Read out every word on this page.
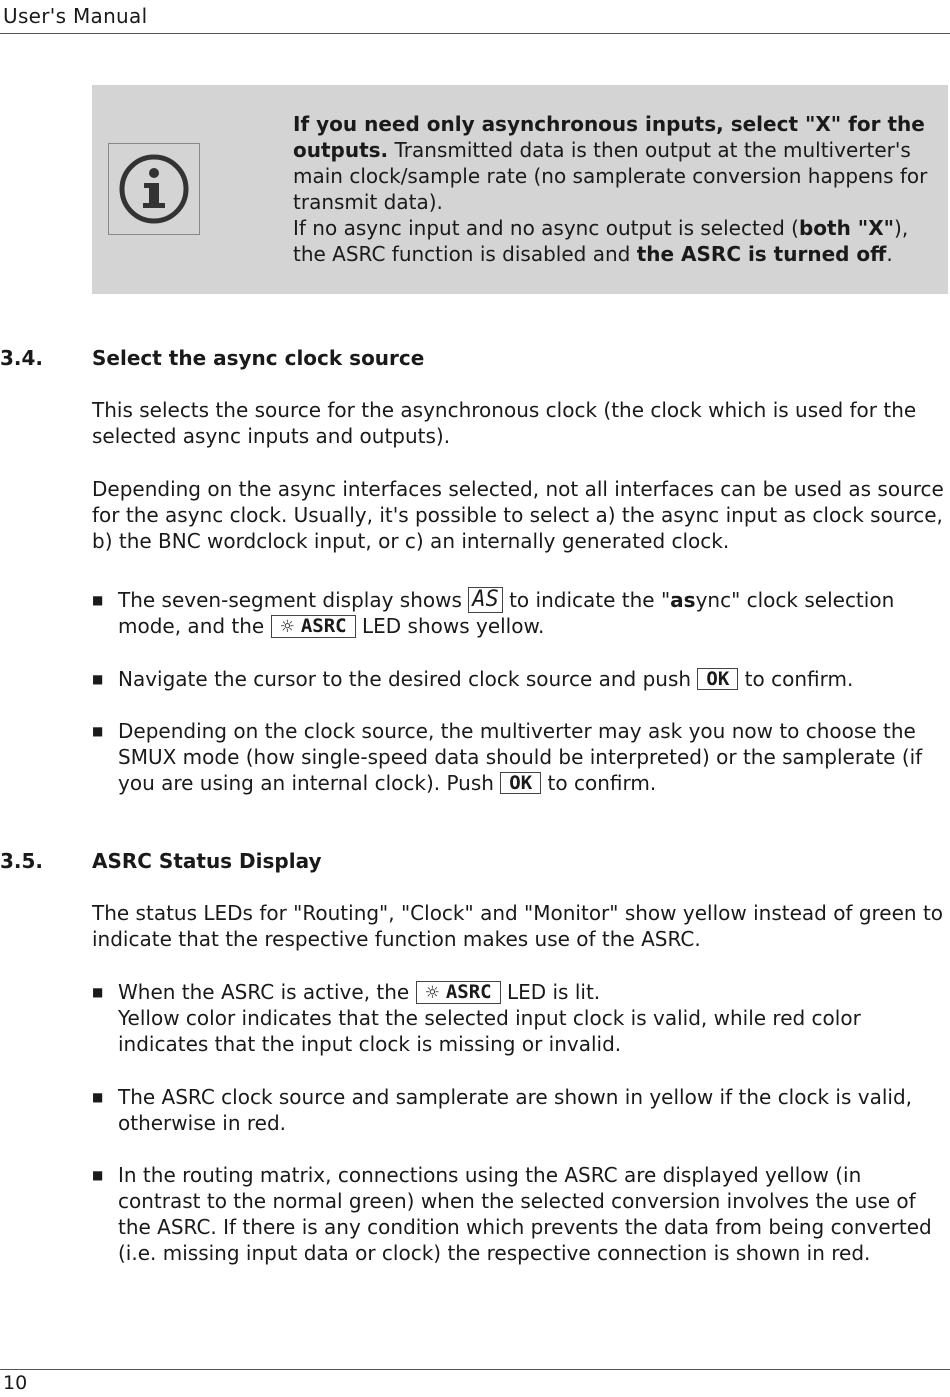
User's Manual
If you need only asynchronous inputs, select "X" for the outputs. Transmitted data is then output at the multiverter's main clock/sample rate (no samplerate conversion happens for transmit data).
If no async input and no async output is selected (both "X"), the ASRC function is disabled and the ASRC is turned off.
3.4. Select the async clock source
This selects the source for the asynchronous clock (the clock which is used for the selected async inputs and outputs).
Depending on the async interfaces selected, not all interfaces can be used as source for the async clock. Usually, it's possible to select a) the async input as clock source, b) the BNC wordclock input, or c) an internally generated clock.
■ The seven-segment display shows AS to indicate the "async" clock selection mode, and the ☼ ASRC LED shows yellow.
■ Navigate the cursor to the desired clock source and push OK to confirm.
■ Depending on the clock source, the multiverter may ask you now to choose the SMUX mode (how single-speed data should be interpreted) or the samplerate (if you are using an internal clock). Push OK to confirm.
3.5. ASRC Status Display
The status LEDs for "Routing", "Clock" and "Monitor" show yellow instead of green to indicate that the respective function makes use of the ASRC.
■ When the ASRC is active, the ☼ ASRC LED is lit.
Yellow color indicates that the selected input clock is valid, while red color indicates that the input clock is missing or invalid.
■ The ASRC clock source and samplerate are shown in yellow if the clock is valid, otherwise in red.
■ In the routing matrix, connections using the ASRC are displayed yellow (in contrast to the normal green) when the selected conversion involves the use of the ASRC. If there is any condition which prevents the data from being converted (i.e. missing input data or clock) the respective connection is shown in red.
10
